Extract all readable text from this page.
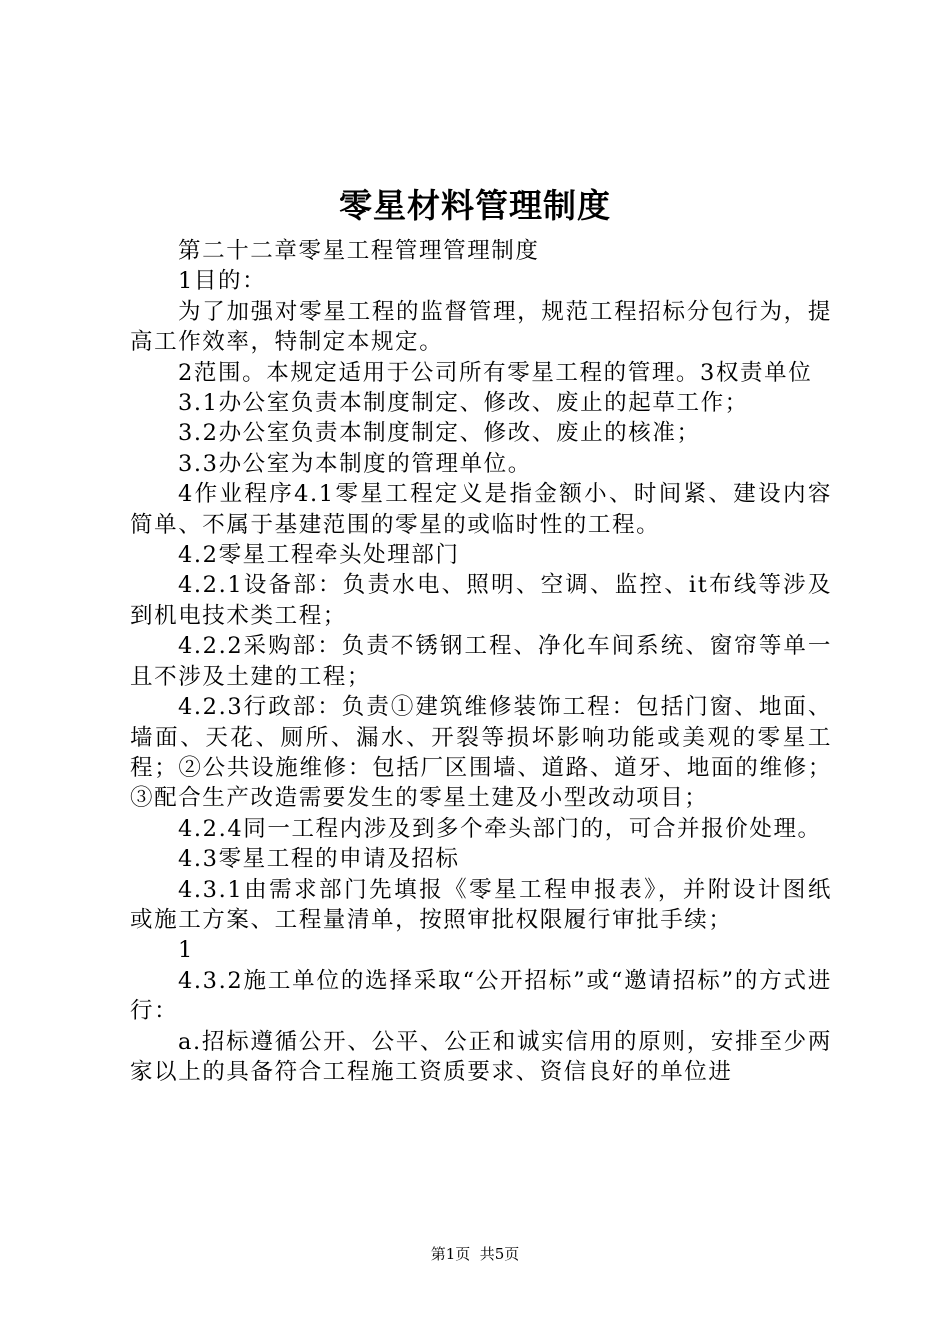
零星材料管理制度

第二十二章零星工程管理管理制度

1目的：

为了加强对零星工程的监督管理，规范工程招标分包行为，提高工作效率，特制定本规定。

2范围。本规定适用于公司所有零星工程的管理。3权责单位

3.1办公室负责本制度制定、修改、废止的起草工作；

3.2办公室负责本制度制定、修改、废止的核准；

3.3办公室为本制度的管理单位。

4作业程序4.1零星工程定义是指金额小、时间紧、建设内容简单、不属于基建范围的零星的或临时性的工程。

4.2零星工程牵头处理部门

4.2.1设备部：负责水电、照明、空调、监控、it布线等涉及到机电技术类工程；

4.2.2采购部：负责不锈钢工程、净化车间系统、窗帘等单一且不涉及土建的工程；

4.2.3行政部：负责①建筑维修装饰工程：包括门窗、地面、墙面、天花、厕所、漏水、开裂等损坏影响功能或美观的零星工程；②公共设施维修：包括厂区围墙、道路、道牙、地面的维修；③配合生产改造需要发生的零星土建及小型改动项目；

4.2.4同一工程内涉及到多个牵头部门的，可合并报价处理。

4.3零星工程的申请及招标

4.3.1由需求部门先填报《零星工程申报表》，并附设计图纸或施工方案、工程量清单，按照审批权限履行审批手续；

1

4.3.2施工单位的选择采取“公开招标”或“邀请招标”的方式进行：

a.招标遵循公开、公平、公正和诚实信用的原则，安排至少两家以上的具备符合工程施工资质要求、资信良好的单位进

第1页  共5页
